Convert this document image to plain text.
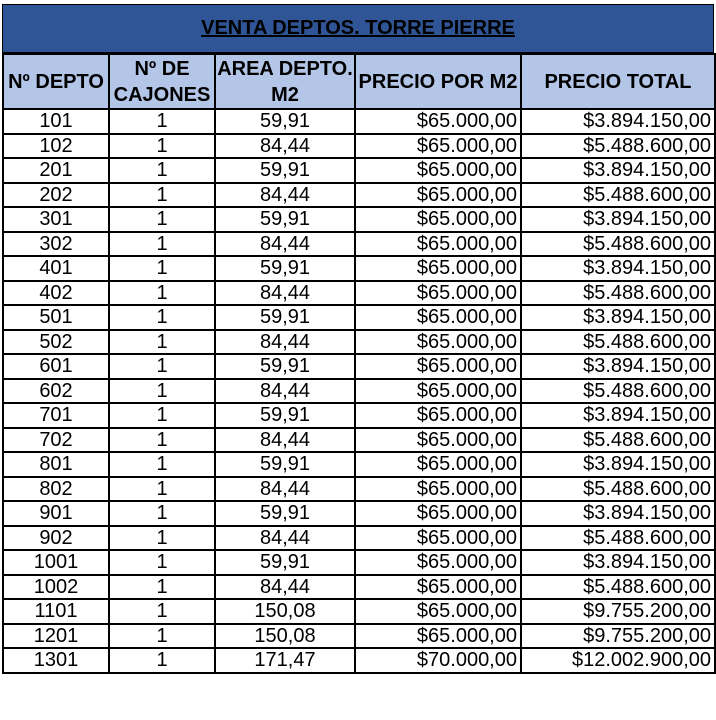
VENTA DEPTOS. TORRE PIERRE
Nº DEPTO	Nº DE CAJONES	AREA DEPTO. M2	PRECIO POR M2	PRECIO TOTAL
101	1	59,91	$65.000,00	$3.894.150,00
102	1	84,44	$65.000,00	$5.488.600,00
201	1	59,91	$65.000,00	$3.894.150,00
202	1	84,44	$65.000,00	$5.488.600,00
301	1	59,91	$65.000,00	$3.894.150,00
302	1	84,44	$65.000,00	$5.488.600,00
401	1	59,91	$65.000,00	$3.894.150,00
402	1	84,44	$65.000,00	$5.488.600,00
501	1	59,91	$65.000,00	$3.894.150,00
502	1	84,44	$65.000,00	$5.488.600,00
601	1	59,91	$65.000,00	$3.894.150,00
602	1	84,44	$65.000,00	$5.488.600,00
701	1	59,91	$65.000,00	$3.894.150,00
702	1	84,44	$65.000,00	$5.488.600,00
801	1	59,91	$65.000,00	$3.894.150,00
802	1	84,44	$65.000,00	$5.488.600,00
901	1	59,91	$65.000,00	$3.894.150,00
902	1	84,44	$65.000,00	$5.488.600,00
1001	1	59,91	$65.000,00	$3.894.150,00
1002	1	84,44	$65.000,00	$5.488.600,00
1101	1	150,08	$65.000,00	$9.755.200,00
1201	1	150,08	$65.000,00	$9.755.200,00
1301	1	171,47	$70.000,00	$12.002.900,00
